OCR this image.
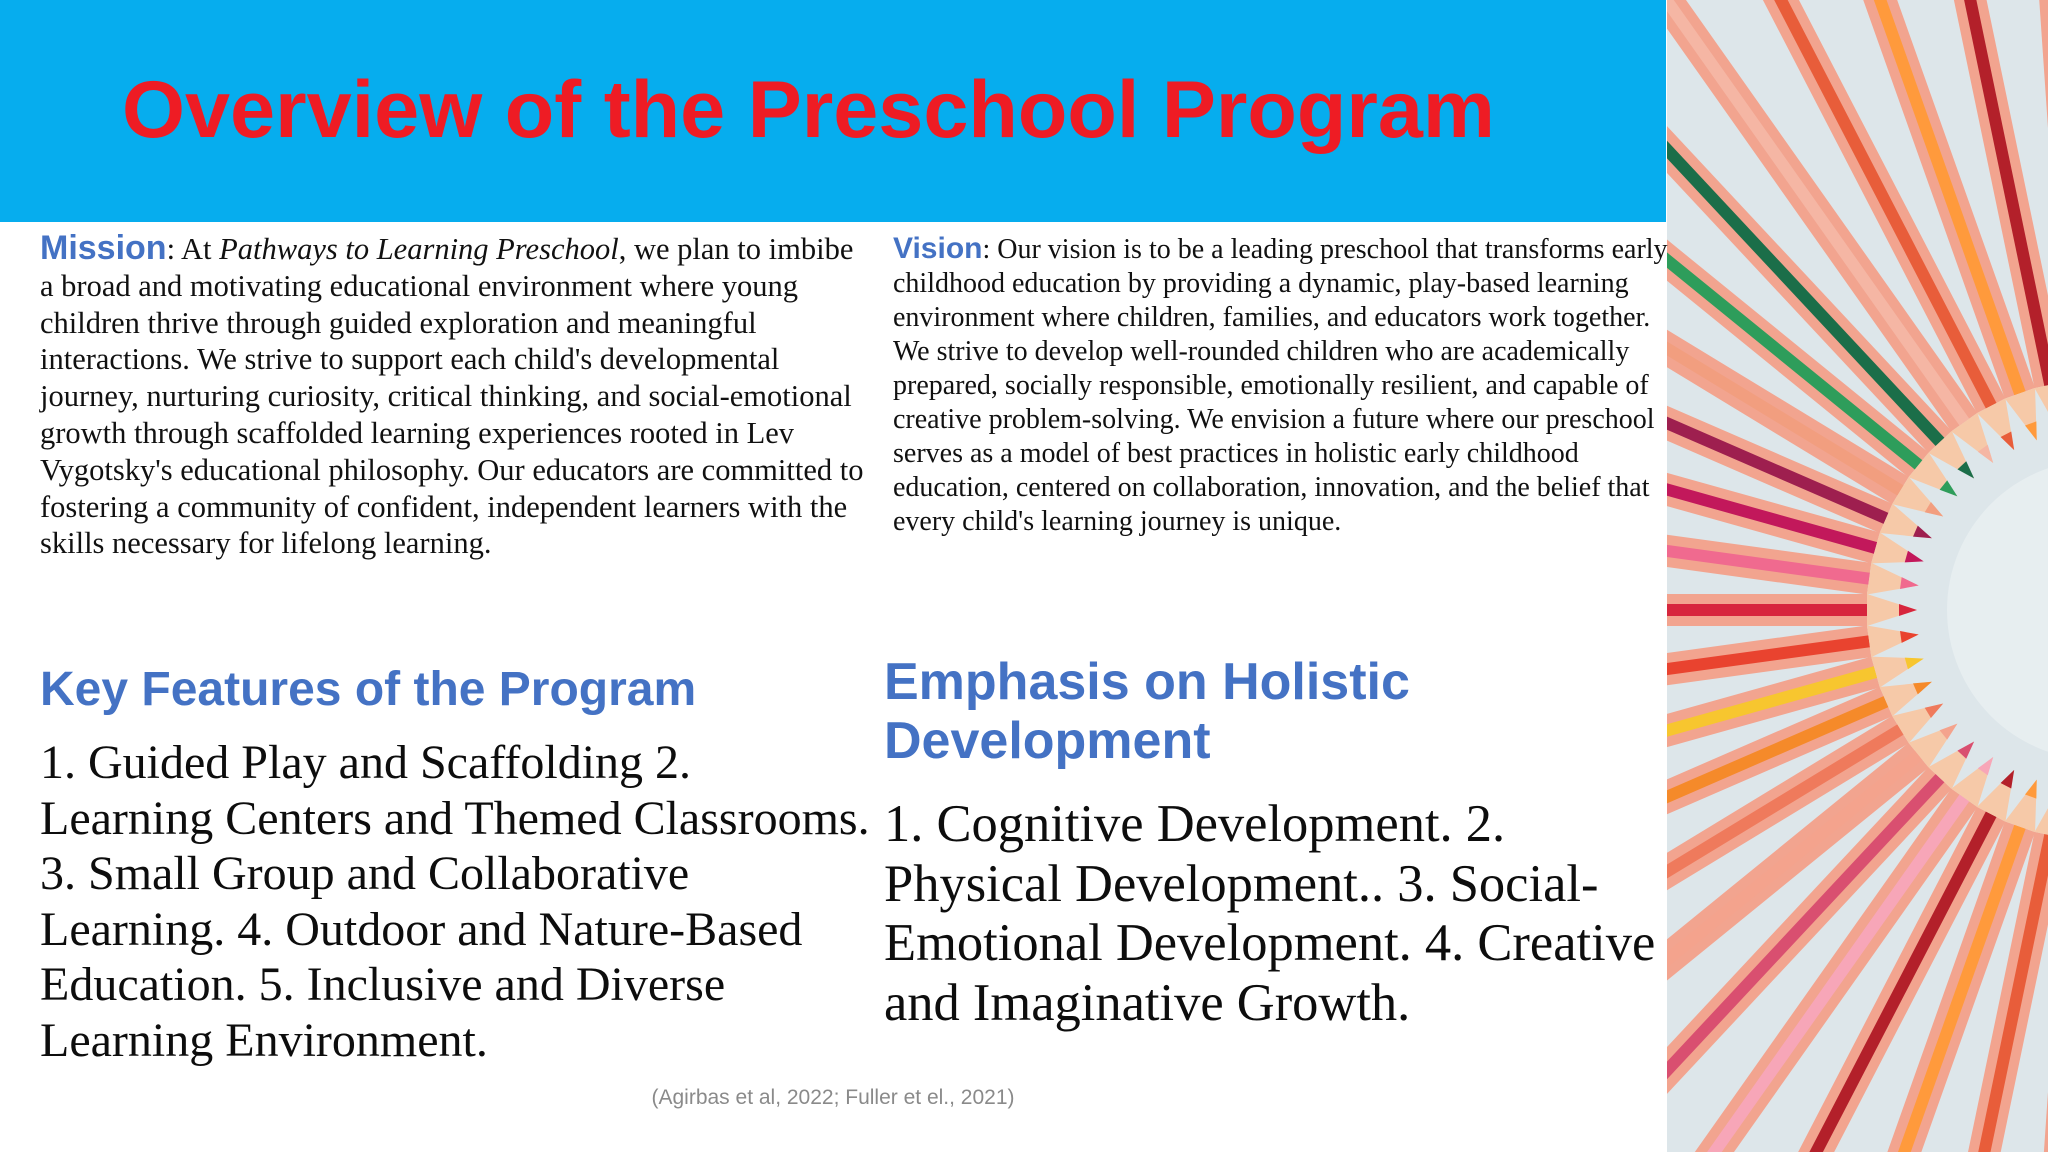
Overview of the Preschool Program

Mission: At Pathways to Learning Preschool, we plan to imbibe a broad and motivating educational environment where young children thrive through guided exploration and meaningful interactions. We strive to support each child's developmental journey, nurturing curiosity, critical thinking, and social-emotional growth through scaffolded learning experiences rooted in Lev Vygotsky's educational philosophy. Our educators are committed to fostering a community of confident, independent learners with the skills necessary for lifelong learning.

Vision: Our vision is to be a leading preschool that transforms early childhood education by providing a dynamic, play-based learning environment where children, families, and educators work together. We strive to develop well-rounded children who are academically prepared, socially responsible, emotionally resilient, and capable of creative problem-solving. We envision a future where our preschool serves as a model of best practices in holistic early childhood education, centered on collaboration, innovation, and the belief that every child's learning journey is unique.

Key Features of the Program

1. Guided Play and Scaffolding 2. Learning Centers and Themed Classrooms. 3. Small Group and Collaborative Learning. 4. Outdoor and Nature-Based Education. 5. Inclusive and Diverse Learning Environment.

Emphasis on Holistic Development

1. Cognitive Development. 2. Physical Development.. 3. Social-Emotional Development. 4. Creative and Imaginative Growth.

(Agirbas et al, 2022; Fuller et el., 2021)
